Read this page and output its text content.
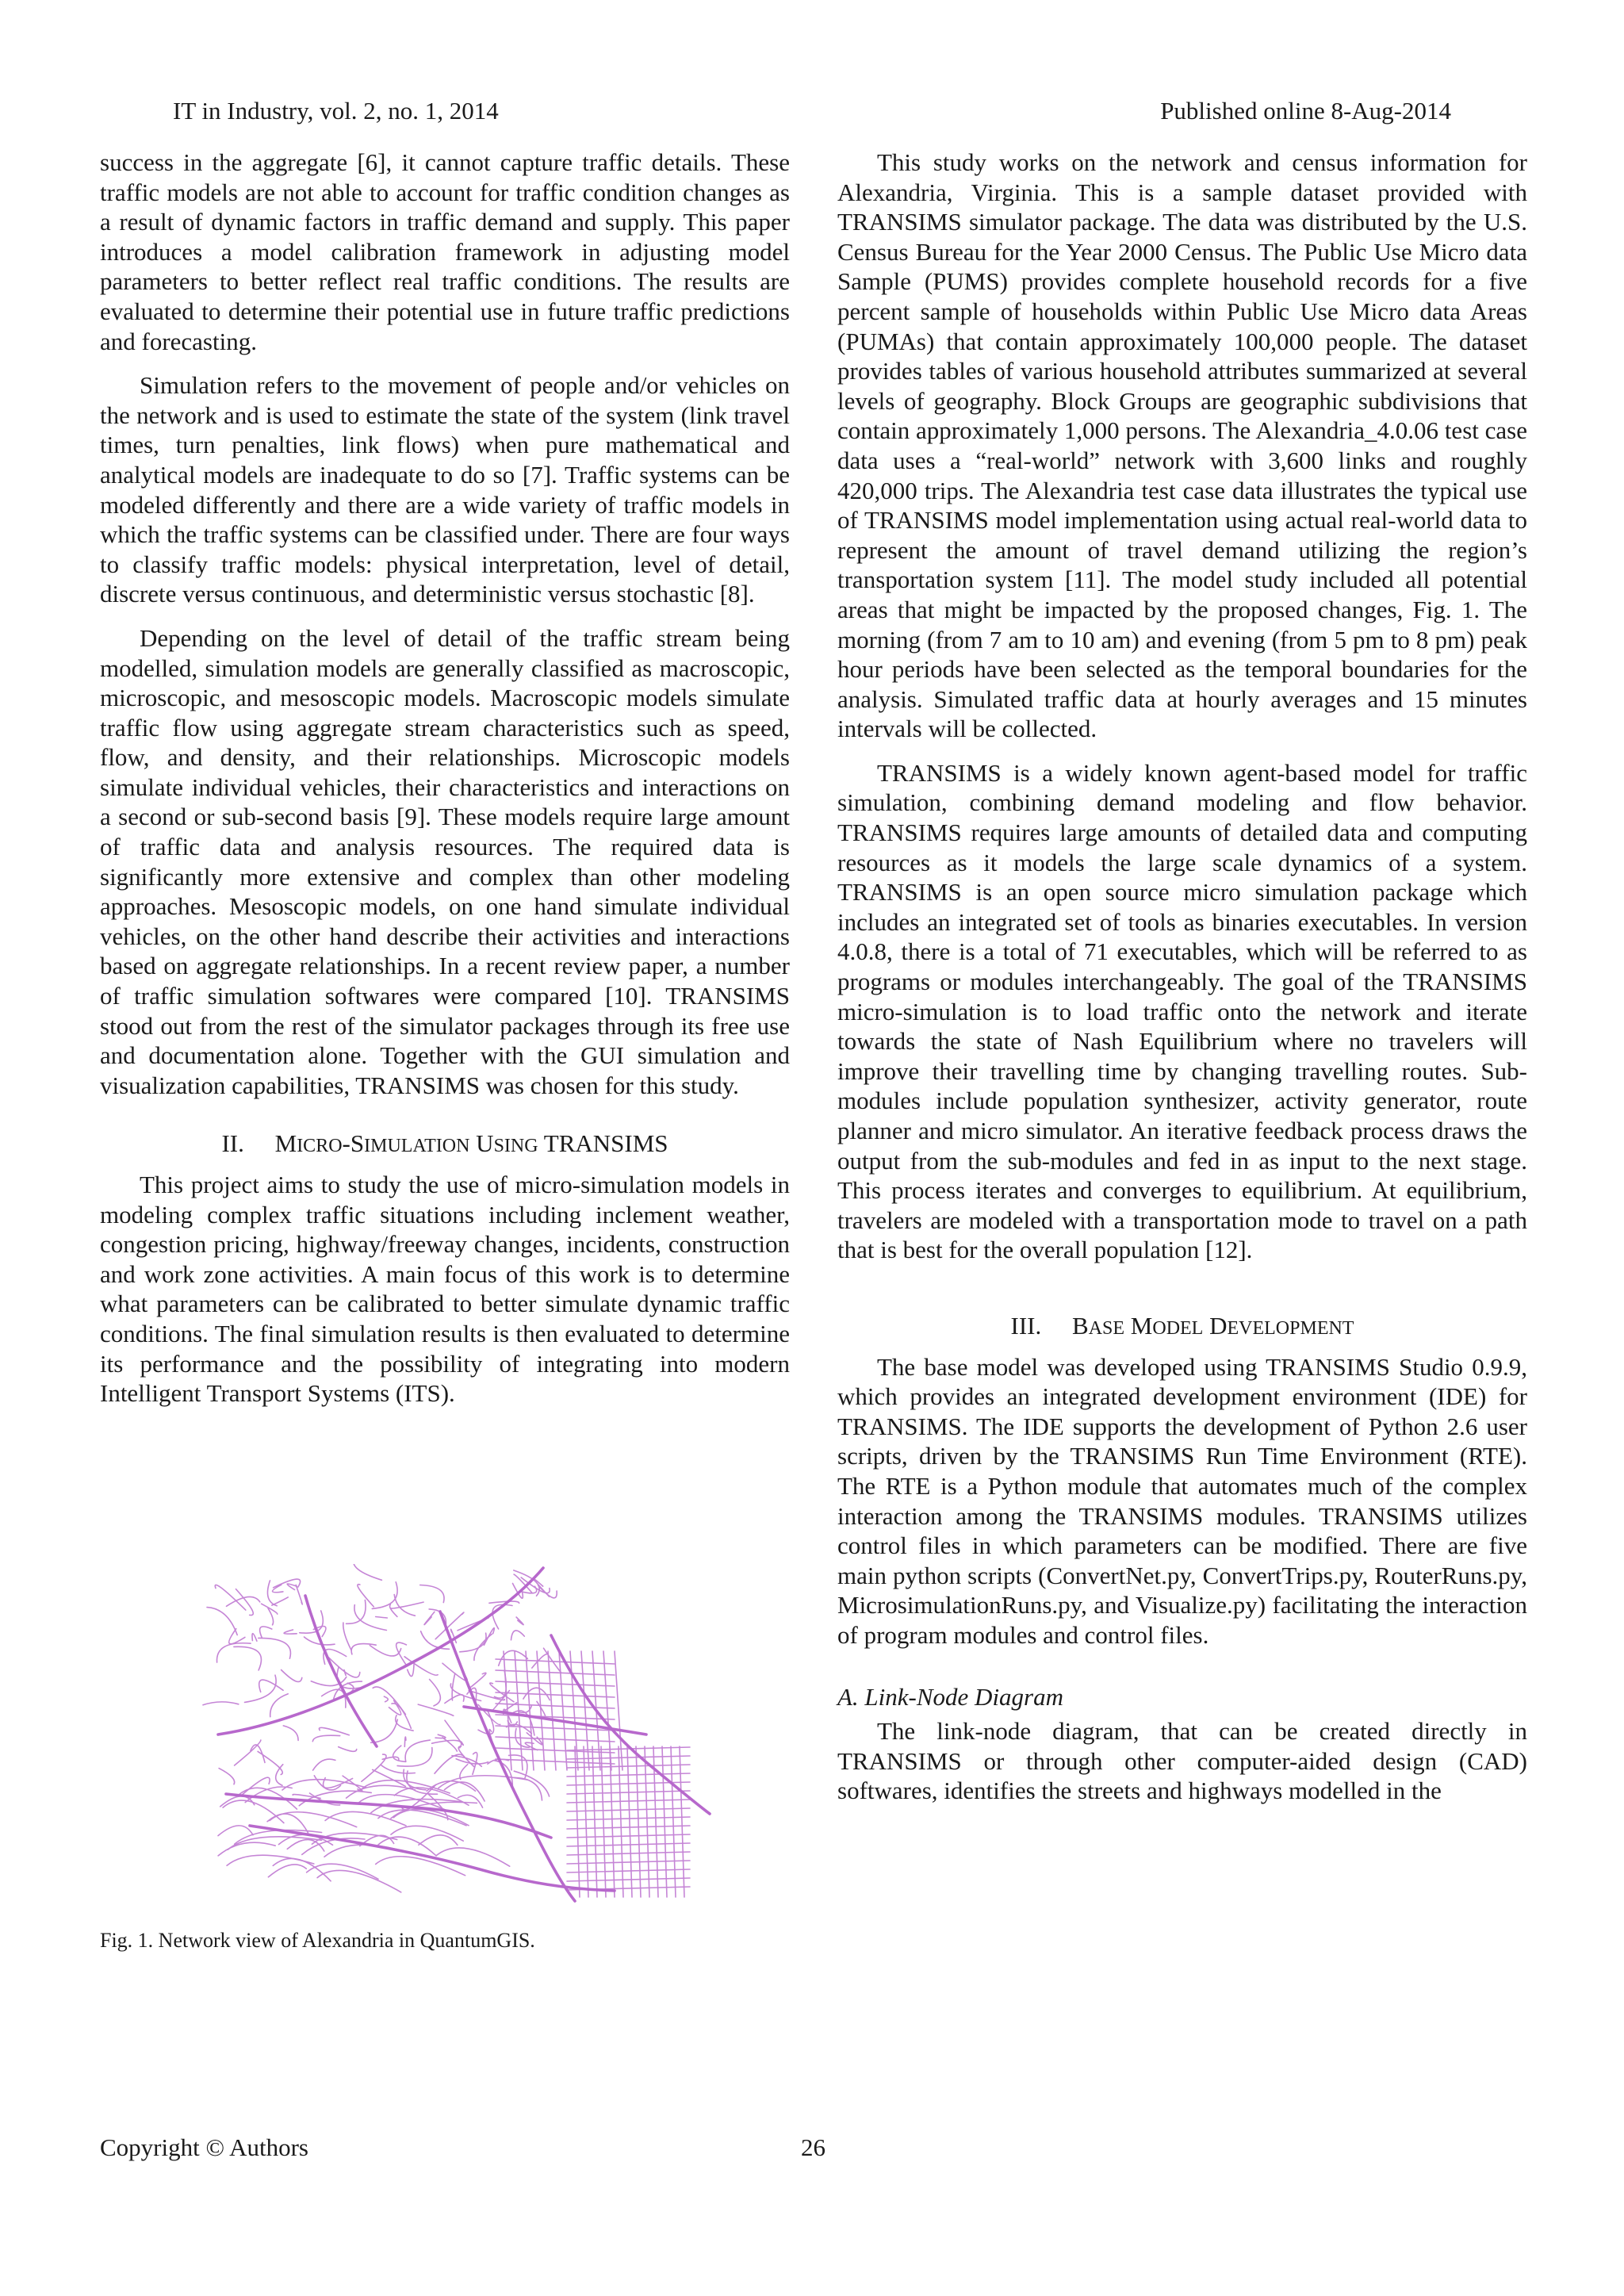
IT in Industry, vol. 2, no. 1, 2014	Published online 8-Aug-2014

success in the aggregate [6], it cannot capture traffic details. These traffic models are not able to account for traffic condition changes as a result of dynamic factors in traffic demand and supply. This paper introduces a model calibration framework in adjusting model parameters to better reflect real traffic conditions. The results are evaluated to determine their potential use in future traffic predictions and forecasting.

Simulation refers to the movement of people and/or vehicles on the network and is used to estimate the state of the system (link travel times, turn penalties, link flows) when pure mathematical and analytical models are inadequate to do so [7]. Traffic systems can be modeled differently and there are a wide variety of traffic models in which the traffic systems can be classified under. There are four ways to classify traffic models: physical interpretation, level of detail, discrete versus continuous, and deterministic versus stochastic [8].

Depending on the level of detail of the traffic stream being modelled, simulation models are generally classified as macroscopic, microscopic, and mesoscopic models. Macroscopic models simulate traffic flow using aggregate stream characteristics such as speed, flow, and density, and their relationships. Microscopic models simulate individual vehicles, their characteristics and interactions on a second or sub-second basis [9]. These models require large amount of traffic data and analysis resources. The required data is significantly more extensive and complex than other modeling approaches. Mesoscopic models, on one hand simulate individual vehicles, on the other hand describe their activities and interactions based on aggregate relationships. In a recent review paper, a number of traffic simulation softwares were compared [10]. TRANSIMS stood out from the rest of the simulator packages through its free use and documentation alone. Together with the GUI simulation and visualization capabilities, TRANSIMS was chosen for this study.

II. MICRO-SIMULATION USING TRANSIMS

This project aims to study the use of micro-simulation models in modeling complex traffic situations including inclement weather, congestion pricing, highway/freeway changes, incidents, construction and work zone activities. A main focus of this work is to determine what parameters can be calibrated to better simulate dynamic traffic conditions. The final simulation results is then evaluated to determine its performance and the possibility of integrating into modern Intelligent Transport Systems (ITS).

Fig. 1. Network view of Alexandria in QuantumGIS.

This study works on the network and census information for Alexandria, Virginia. This is a sample dataset provided with TRANSIMS simulator package. The data was distributed by the U.S. Census Bureau for the Year 2000 Census. The Public Use Micro data Sample (PUMS) provides complete household records for a five percent sample of households within Public Use Micro data Areas (PUMAs) that contain approximately 100,000 people. The dataset provides tables of various household attributes summarized at several levels of geography. Block Groups are geographic subdivisions that contain approximately 1,000 persons. The Alexandria_4.0.06 test case data uses a “real-world” network with 3,600 links and roughly 420,000 trips. The Alexandria test case data illustrates the typical use of TRANSIMS model implementation using actual real-world data to represent the amount of travel demand utilizing the region’s transportation system [11]. The model study included all potential areas that might be impacted by the proposed changes, Fig. 1. The morning (from 7 am to 10 am) and evening (from 5 pm to 8 pm) peak hour periods have been selected as the temporal boundaries for the analysis. Simulated traffic data at hourly averages and 15 minutes intervals will be collected.

TRANSIMS is a widely known agent-based model for traffic simulation, combining demand modeling and flow behavior. TRANSIMS requires large amounts of detailed data and computing resources as it models the large scale dynamics of a system. TRANSIMS is an open source micro simulation package which includes an integrated set of tools as binaries executables. In version 4.0.8, there is a total of 71 executables, which will be referred to as programs or modules interchangeably. The goal of the TRANSIMS micro-simulation is to load traffic onto the network and iterate towards the state of Nash Equilibrium where no travelers will improve their travelling time by changing travelling routes. Sub-modules include population synthesizer, activity generator, route planner and micro simulator. An iterative feedback process draws the output from the sub-modules and fed in as input to the next stage. This process iterates and converges to equilibrium. At equilibrium, travelers are modeled with a transportation mode to travel on a path that is best for the overall population [12].

III. BASE MODEL DEVELOPMENT

The base model was developed using TRANSIMS Studio 0.9.9, which provides an integrated development environment (IDE) for TRANSIMS. The IDE supports the development of Python 2.6 user scripts, driven by the TRANSIMS Run Time Environment (RTE). The RTE is a Python module that automates much of the complex interaction among the TRANSIMS modules. TRANSIMS utilizes control files in which parameters can be modified. There are five main python scripts (ConvertNet.py, ConvertTrips.py, RouterRuns.py, MicrosimulationRuns.py, and Visualize.py) facilitating the interaction of program modules and control files.

A. Link-Node Diagram

The link-node diagram, that can be created directly in TRANSIMS or through other computer-aided design (CAD) softwares, identifies the streets and highways modelled in the

Copyright © Authors	26
